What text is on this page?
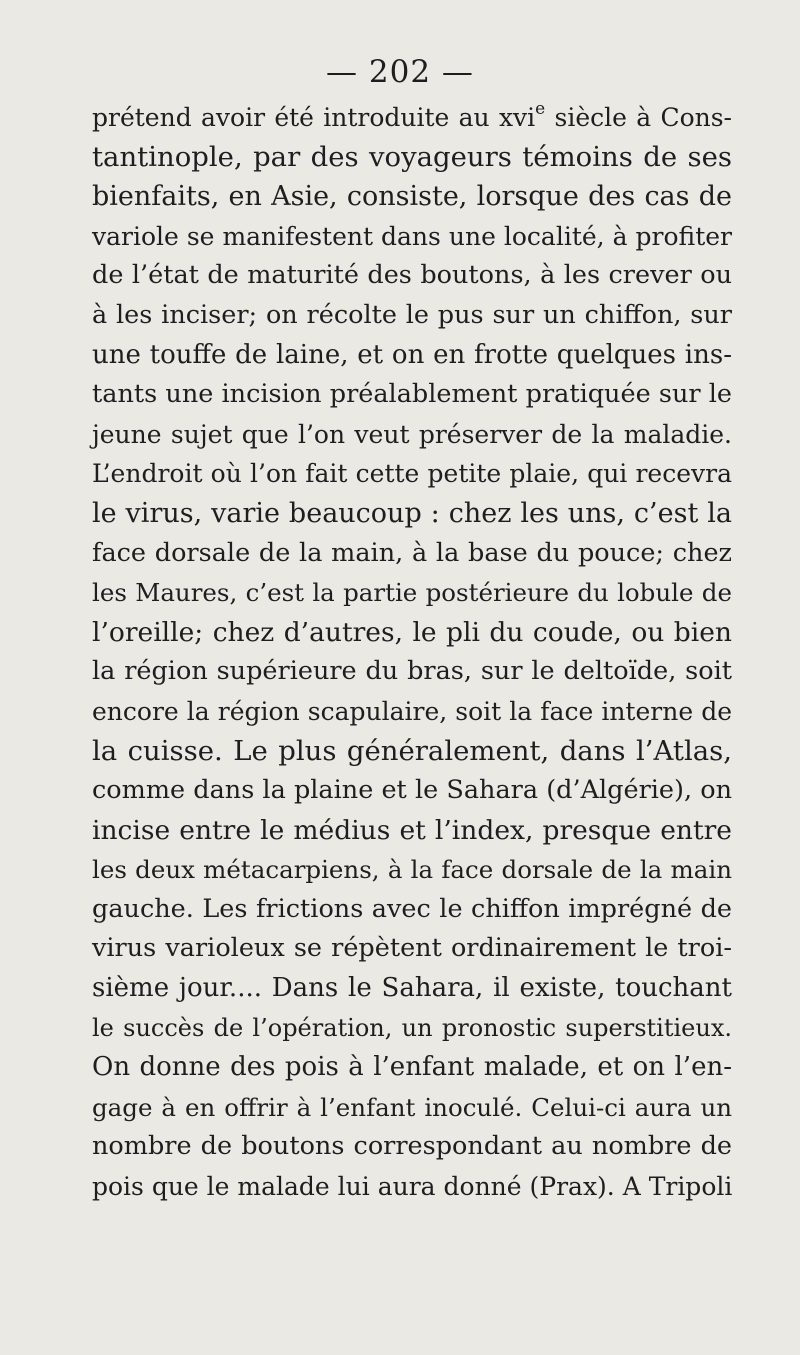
— 202 —
prétend avoir été introduite au xvi$^e$ siècle à Cons-
tantinople, par des voyageurs témoins de ses
bienfaits, en Asie, consiste, lorsque des cas de
variole se manifestent dans une localité, à profiter
de l’état de maturité des boutons, à les crever ou
à les inciser; on récolte le pus sur un chiffon, sur
une touffe de laine, et on en frotte quelques ins-
tants une incision préalablement pratiquée sur le
jeune sujet que l’on veut préserver de la maladie.
L’endroit où l’on fait cette petite plaie, qui recevra
le virus, varie beaucoup : chez les uns, c’est la
face dorsale de la main, à la base du pouce; chez
les Maures, c’est la partie postérieure du lobule de
l’oreille; chez d’autres, le pli du coude, ou bien
la région supérieure du bras, sur le deltoïde, soit
encore la région scapulaire, soit la face interne de
la cuisse. Le plus généralement, dans l’Atlas,
comme dans la plaine et le Sahara (d’Algérie), on
incise entre le médius et l’index, presque entre
les deux métacarpiens, à la face dorsale de la main
gauche. Les frictions avec le chiffon imprégné de
virus varioleux se répètent ordinairement le troi-
sième jour.... Dans le Sahara, il existe, touchant
le succès de l’opération, un pronostic superstitieux.
On donne des pois à l’enfant malade, et on l’en-
gage à en offrir à l’enfant inoculé. Celui-ci aura un
nombre de boutons correspondant au nombre de
pois que le malade lui aura donné (Prax). A Tripoli
